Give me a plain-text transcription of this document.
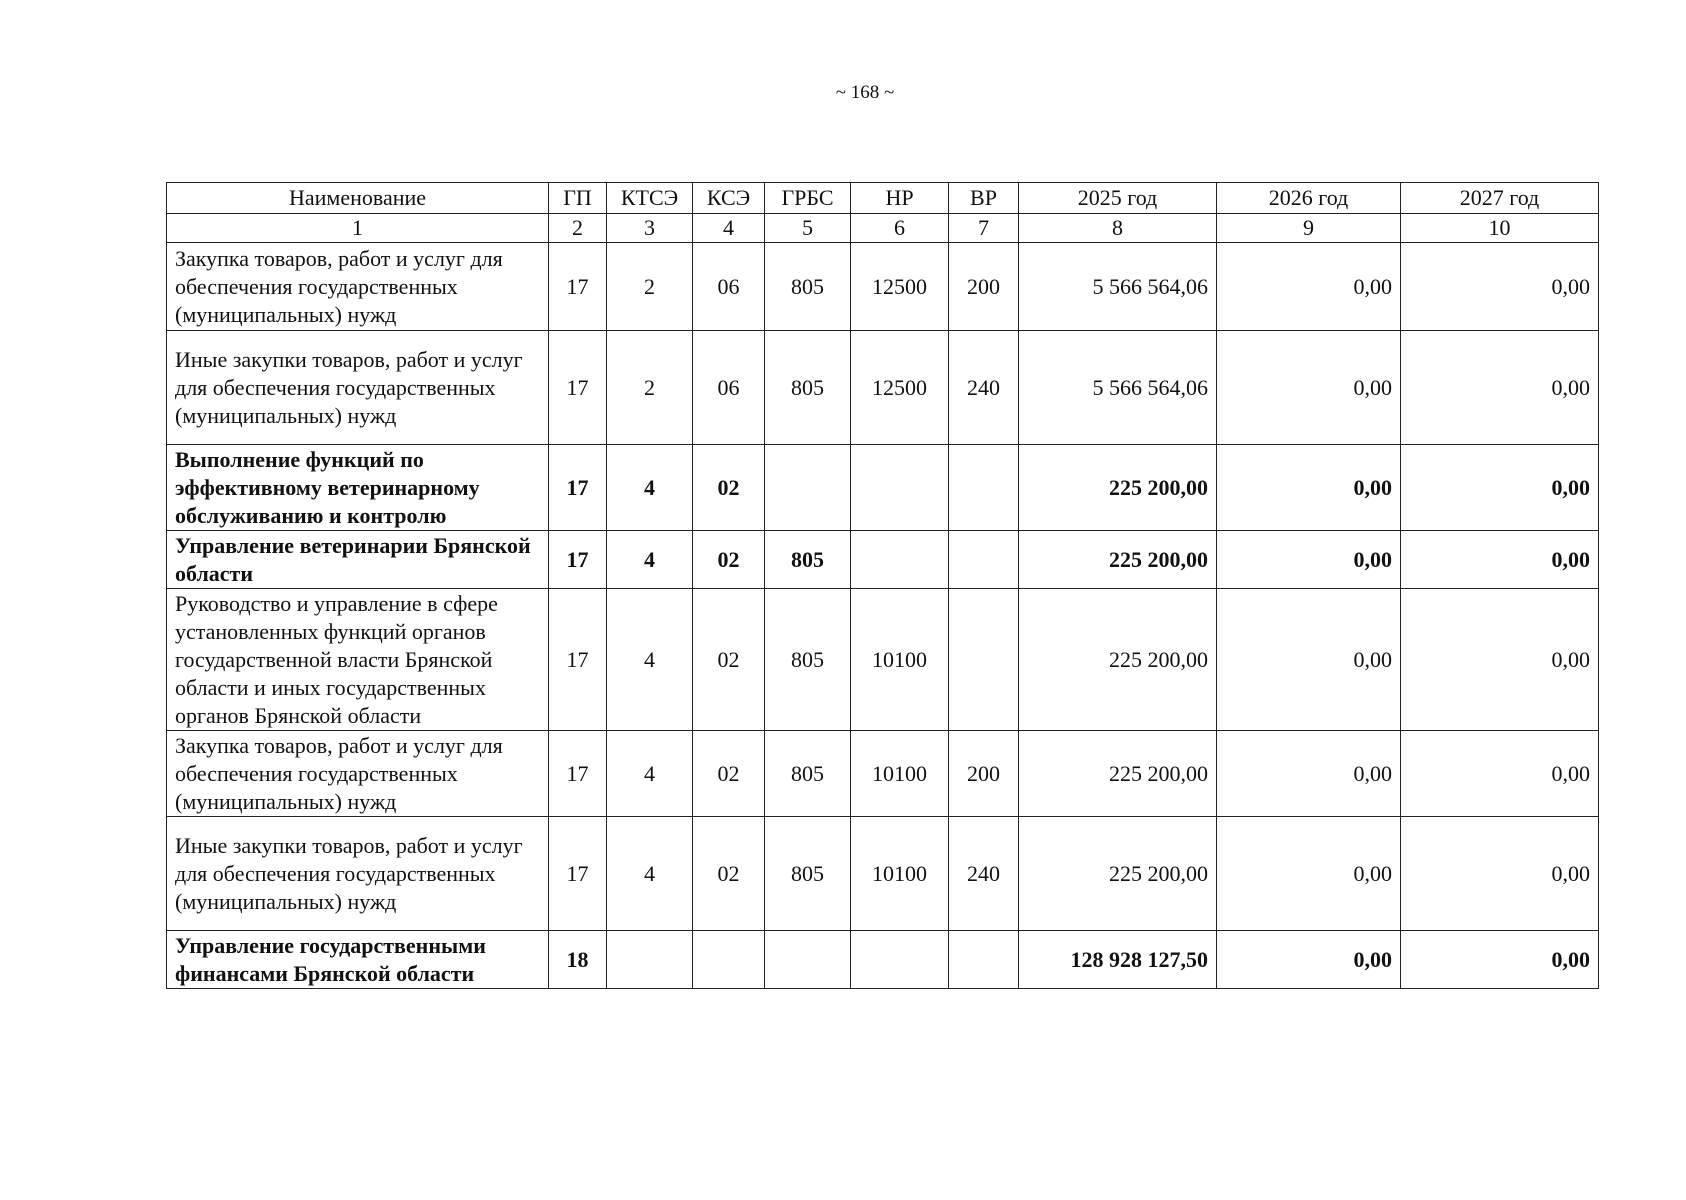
~ 168 ~
Наименование	ГП	КТСЭ	КСЭ	ГРБС	НР	ВР	2025 год	2026 год	2027 год
1	2	3	4	5	6	7	8	9	10
Закупка товаров, работ и услуг для обеспечения государственных (муниципальных) нужд	17	2	06	805	12500	200	5 566 564,06	0,00	0,00
Иные закупки товаров, работ и услуг для обеспечения государственных (муниципальных) нужд	17	2	06	805	12500	240	5 566 564,06	0,00	0,00
Выполнение функций по эффективному ветеринарному обслуживанию и контролю	17	4	02				225 200,00	0,00	0,00
Управление ветеринарии Брянской области	17	4	02	805			225 200,00	0,00	0,00
Руководство и управление в сфере установленных функций органов государственной власти Брянской области и иных государственных органов Брянской области	17	4	02	805	10100		225 200,00	0,00	0,00
Закупка товаров, работ и услуг для обеспечения государственных (муниципальных) нужд	17	4	02	805	10100	200	225 200,00	0,00	0,00
Иные закупки товаров, работ и услуг для обеспечения государственных (муниципальных) нужд	17	4	02	805	10100	240	225 200,00	0,00	0,00
Управление государственными финансами Брянской области	18						128 928 127,50	0,00	0,00
